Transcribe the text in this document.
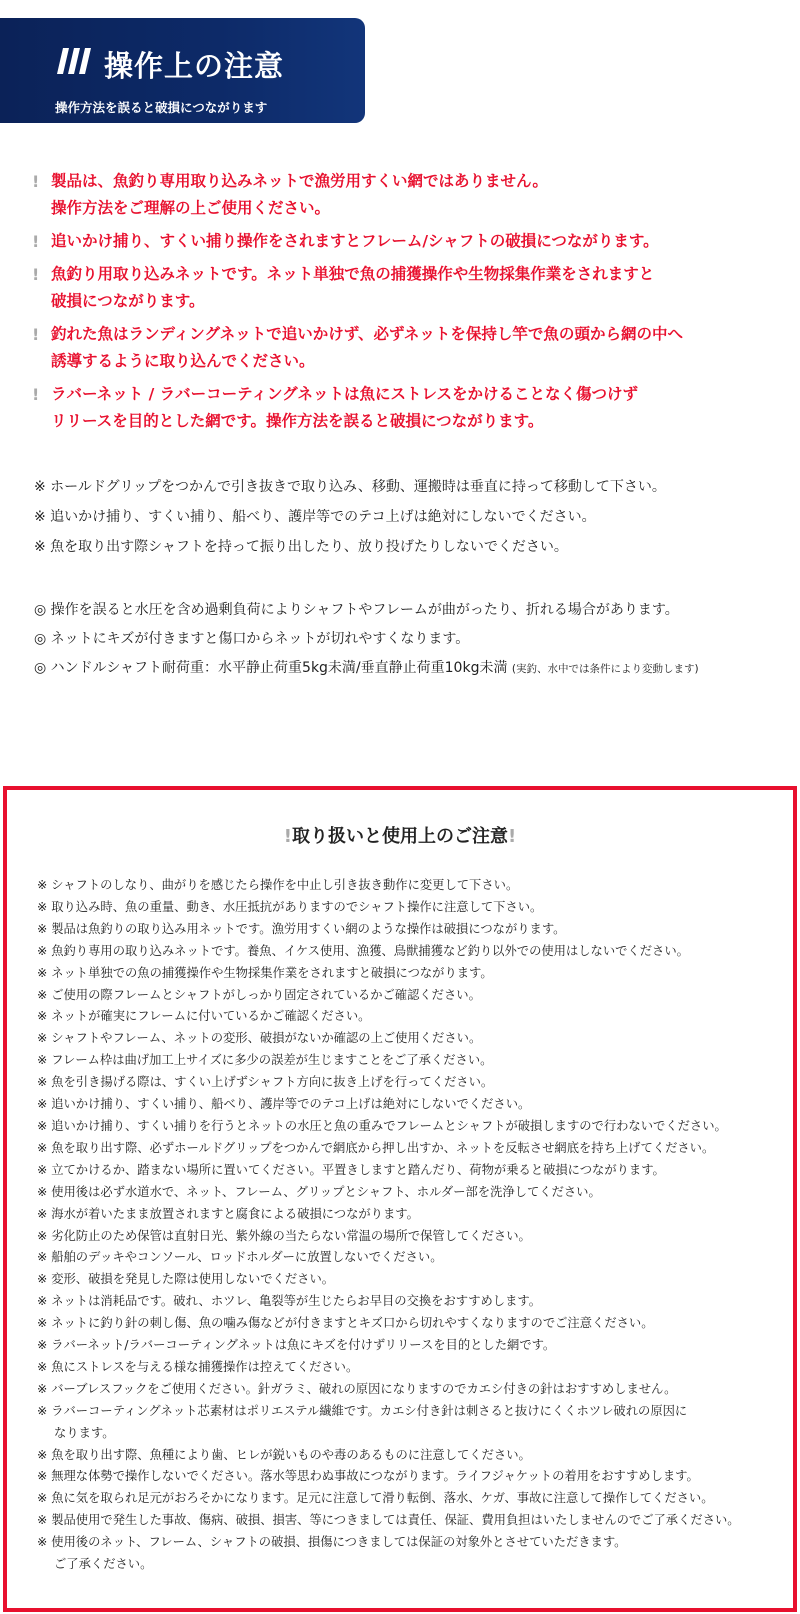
操作上の注意
操作方法を誤ると破損につながります
! 製品は、魚釣り専用取り込みネットで漁労用すくい網ではありません。
操作方法をご理解の上ご使用ください。
! 追いかけ捕り、すくい捕り操作をされますとフレーム/シャフトの破損につながります。
! 魚釣り用取り込みネットです。ネット単独で魚の捕獲操作や生物採集作業をされますと
破損につながります。
! 釣れた魚はランディングネットで追いかけず、必ずネットを保持し竿で魚の頭から網の中へ
誘導するように取り込んでください。
! ラバーネット / ラバーコーティングネットは魚にストレスをかけることなく傷つけず
リリースを目的とした網です。操作方法を誤ると破損につながります。
※ ホールドグリップをつかんで引き抜きで取り込み、移動、運搬時は垂直に持って移動して下さい。
※ 追いかけ捕り、すくい捕り、船べり、護岸等でのテコ上げは絶対にしないでください。
※ 魚を取り出す際シャフトを持って振り出したり、放り投げたりしないでください。
◎ 操作を誤ると水圧を含め過剰負荷によりシャフトやフレームが曲がったり、折れる場合があります。
◎ ネットにキズが付きますと傷口からネットが切れやすくなります。
◎ ハンドルシャフト耐荷重：水平静止荷重5kg未満/垂直静止荷重10kg未満 (実釣、水中では条件により変動します)
!取り扱いと使用上のご注意!
※ シャフトのしなり、曲がりを感じたら操作を中止し引き抜き動作に変更して下さい。
※ 取り込み時、魚の重量、動き、水圧抵抗がありますのでシャフト操作に注意して下さい。
※ 製品は魚釣りの取り込み用ネットです。漁労用すくい網のような操作は破損につながります。
※ 魚釣り専用の取り込みネットです。養魚、イケス使用、漁獲、鳥獣捕獲など釣り以外での使用はしないでください。
※ ネット単独での魚の捕獲操作や生物採集作業をされますと破損につながります。
※ ご使用の際フレームとシャフトがしっかり固定されているかご確認ください。
※ ネットが確実にフレームに付いているかご確認ください。
※ シャフトやフレーム、ネットの変形、破損がないか確認の上ご使用ください。
※ フレーム枠は曲げ加工上サイズに多少の誤差が生じますことをご了承ください。
※ 魚を引き揚げる際は、すくい上げずシャフト方向に抜き上げを行ってください。
※ 追いかけ捕り、すくい捕り、船べり、護岸等でのテコ上げは絶対にしないでください。
※ 追いかけ捕り、すくい捕りを行うとネットの水圧と魚の重みでフレームとシャフトが破損しますので行わないでください。
※ 魚を取り出す際、必ずホールドグリップをつかんで網底から押し出すか、ネットを反転させ網底を持ち上げてください。
※ 立てかけるか、踏まない場所に置いてください。平置きしますと踏んだり、荷物が乗ると破損につながります。
※ 使用後は必ず水道水で、ネット、フレーム、グリップとシャフト、ホルダー部を洗浄してください。
※ 海水が着いたまま放置されますと腐食による破損につながります。
※ 劣化防止のため保管は直射日光、紫外線の当たらない常温の場所で保管してください。
※ 船舶のデッキやコンソール、ロッドホルダーに放置しないでください。
※ 変形、破損を発見した際は使用しないでください。
※ ネットは消耗品です。破れ、ホツレ、亀裂等が生じたらお早目の交換をおすすめします。
※ ネットに釣り針の刺し傷、魚の噛み傷などが付きますとキズ口から切れやすくなりますのでご注意ください。
※ ラバーネット/ラバーコーティングネットは魚にキズを付けずリリースを目的とした網です。
※ 魚にストレスを与える様な捕獲操作は控えてください。
※ バーブレスフックをご使用ください。針ガラミ、破れの原因になりますのでカエシ付きの針はおすすめしません。
※ ラバーコーティングネット芯素材はポリエステル繊維です。カエシ付き針は刺さると抜けにくくホツレ破れの原因に
なります。
※ 魚を取り出す際、魚種により歯、ヒレが鋭いものや毒のあるものに注意してください。
※ 無理な体勢で操作しないでください。落水等思わぬ事故につながります。ライフジャケットの着用をおすすめします。
※ 魚に気を取られ足元がおろそかになります。足元に注意して滑り転倒、落水、ケガ、事故に注意して操作してください。
※ 製品使用で発生した事故、傷病、破損、損害、等につきましては責任、保証、費用負担はいたしませんのでご了承ください。
※ 使用後のネット、フレーム、シャフトの破損、損傷につきましては保証の対象外とさせていただきます。
ご了承ください。
